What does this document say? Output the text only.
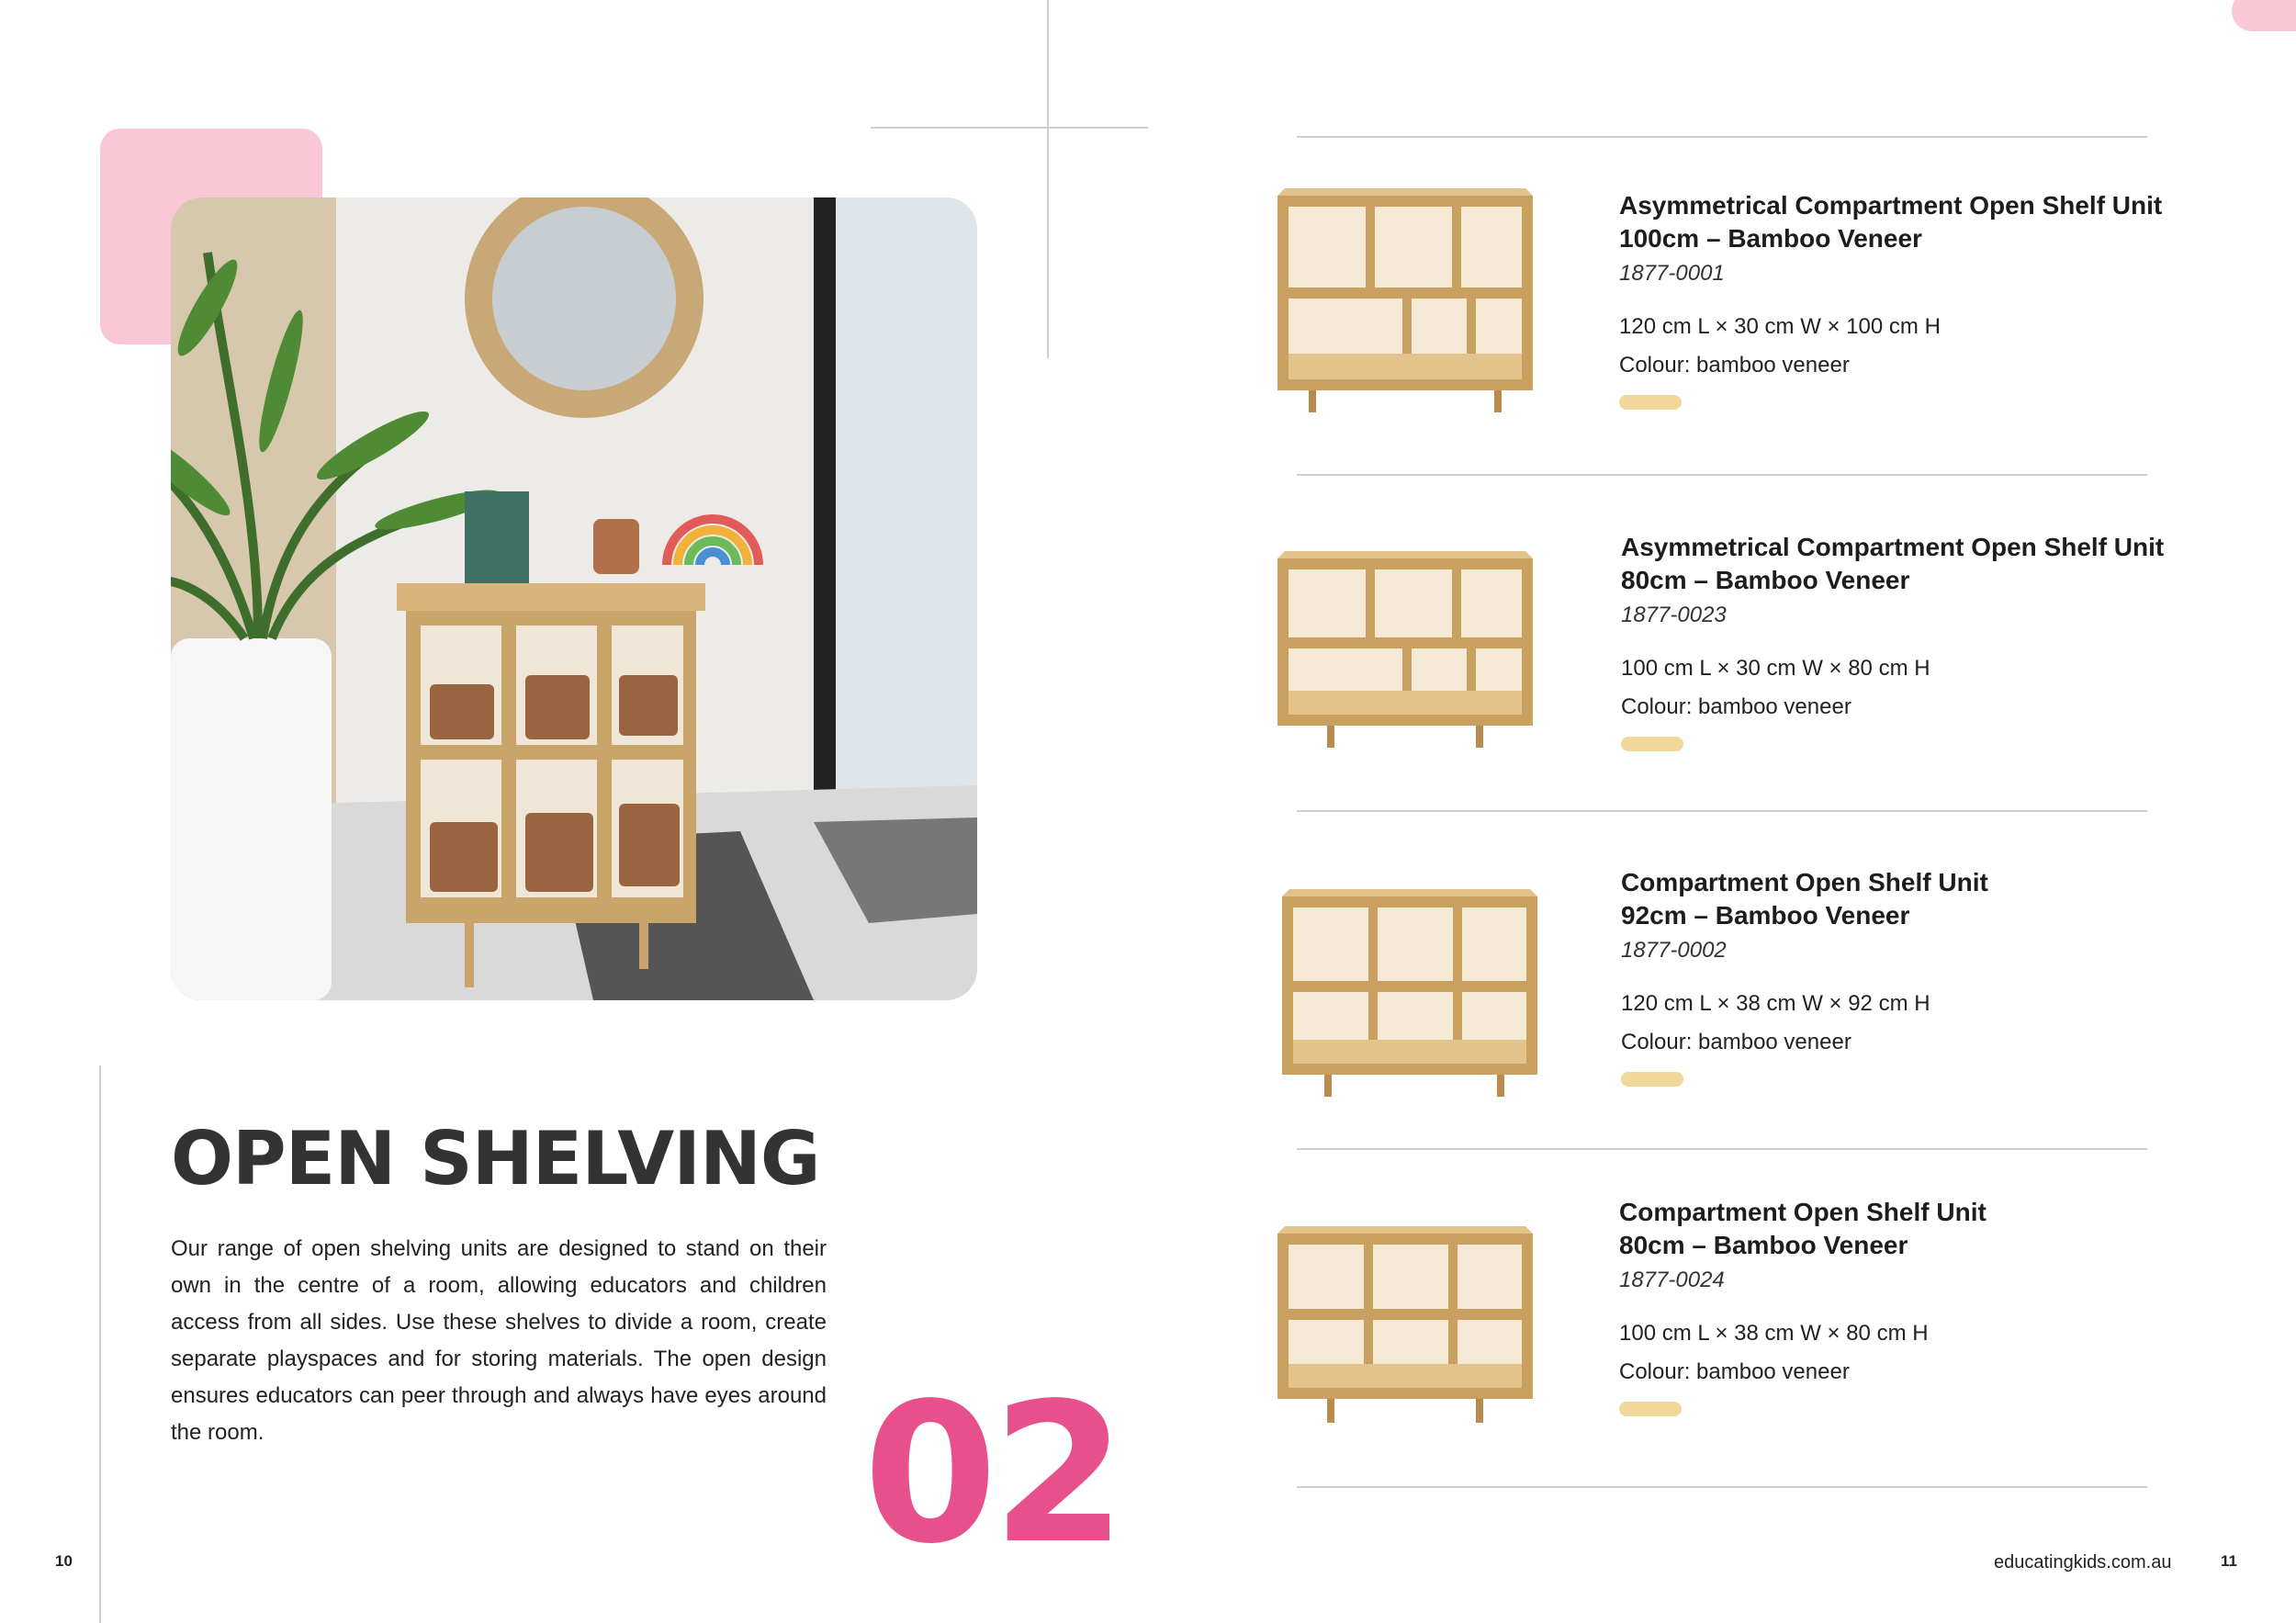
OPEN SHELVING
Our range of open shelving units are designed to stand on their own in the centre of a room, allowing educators and children access from all sides. Use these shelves to divide a room, create separate playspaces and for storing materials. The open design ensures educators can peer through and always have eyes around the room.	02
10	11
educatingkids.com.au
Asymmetrical Compartment Open Shelf Unit
100cm – Bamboo Veneer
1877-0001
120 cm L × 30 cm W × 100 cm H
Colour: bamboo veneer
Asymmetrical Compartment Open Shelf Unit
80cm – Bamboo Veneer
1877-0023
100 cm L × 30 cm W × 80 cm H
Colour: bamboo veneer
Compartment Open Shelf Unit
92cm – Bamboo Veneer
1877-0002
120 cm L × 38 cm W × 92 cm H
Colour: bamboo veneer
Compartment Open Shelf Unit
80cm – Bamboo Veneer
1877-0024
100 cm L × 38 cm W × 80 cm H
Colour: bamboo veneer
